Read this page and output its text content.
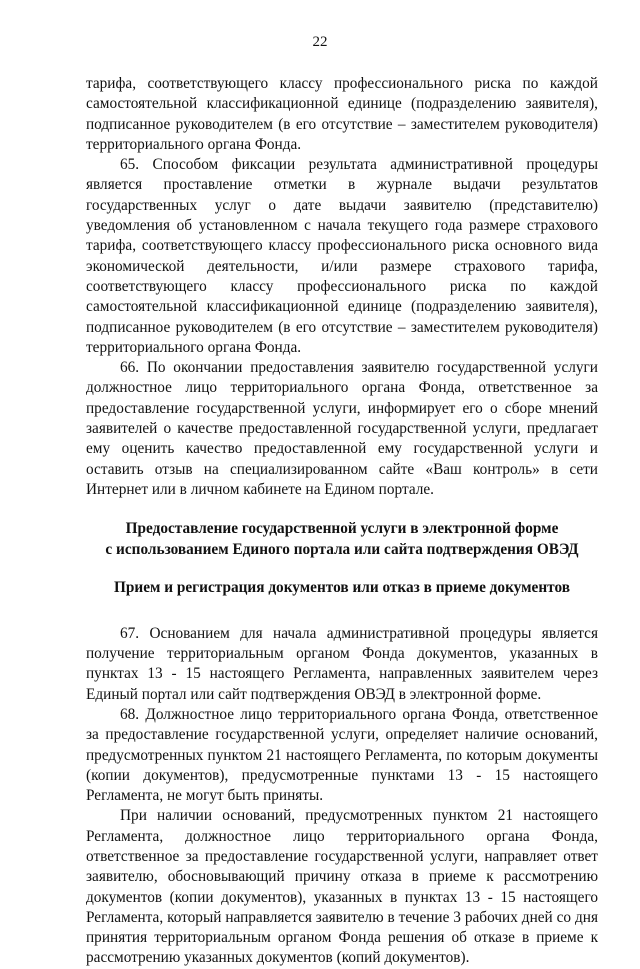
22

тарифа, соответствующего классу профессионального риска по каждой самостоятельной классификационной единице (подразделению заявителя), подписанное руководителем (в его отсутствие – заместителем руководителя) территориального органа Фонда.

65. Способом фиксации результата административной процедуры является проставление отметки в журнале выдачи результатов государственных услуг о дате выдачи заявителю (представителю) уведомления об установленном с начала текущего года размере страхового тарифа, соответствующего классу профессионального риска основного вида экономической деятельности, и/или размере страхового тарифа, соответствующего классу профессионального риска по каждой самостоятельной классификационной единице (подразделению заявителя), подписанное руководителем (в его отсутствие – заместителем руководителя) территориального органа Фонда.

66. По окончании предоставления заявителю государственной услуги должностное лицо территориального органа Фонда, ответственное за предоставление государственной услуги, информирует его о сборе мнений заявителей о качестве предоставленной государственной услуги, предлагает ему оценить качество предоставленной ему государственной услуги и оставить отзыв на специализированном сайте «Ваш контроль» в сети Интернет или в личном кабинете на Едином портале.

Предоставление государственной услуги в электронной форме
с использованием Единого портала или сайта подтверждения ОВЭД
Прием и регистрация документов или отказ в приеме документов

67. Основанием для начала административной процедуры является получение территориальным органом Фонда документов, указанных в пунктах 13 - 15 настоящего Регламента, направленных заявителем через Единый портал или сайт подтверждения ОВЭД в электронной форме.

68. Должностное лицо территориального органа Фонда, ответственное за предоставление государственной услуги, определяет наличие оснований, предусмотренных пунктом 21 настоящего Регламента, по которым документы (копии документов), предусмотренные пунктами 13 - 15 настоящего Регламента, не могут быть приняты.

При наличии оснований, предусмотренных пунктом 21 настоящего Регламента, должностное лицо территориального органа Фонда, ответственное за предоставление государственной услуги, направляет ответ заявителю, обосновывающий причину отказа в приеме к рассмотрению документов (копии документов), указанных в пунктах 13 - 15 настоящего Регламента, который направляется заявителю в течение 3 рабочих дней со дня принятия территориальным органом Фонда решения об отказе в приеме к рассмотрению указанных документов (копий документов).
